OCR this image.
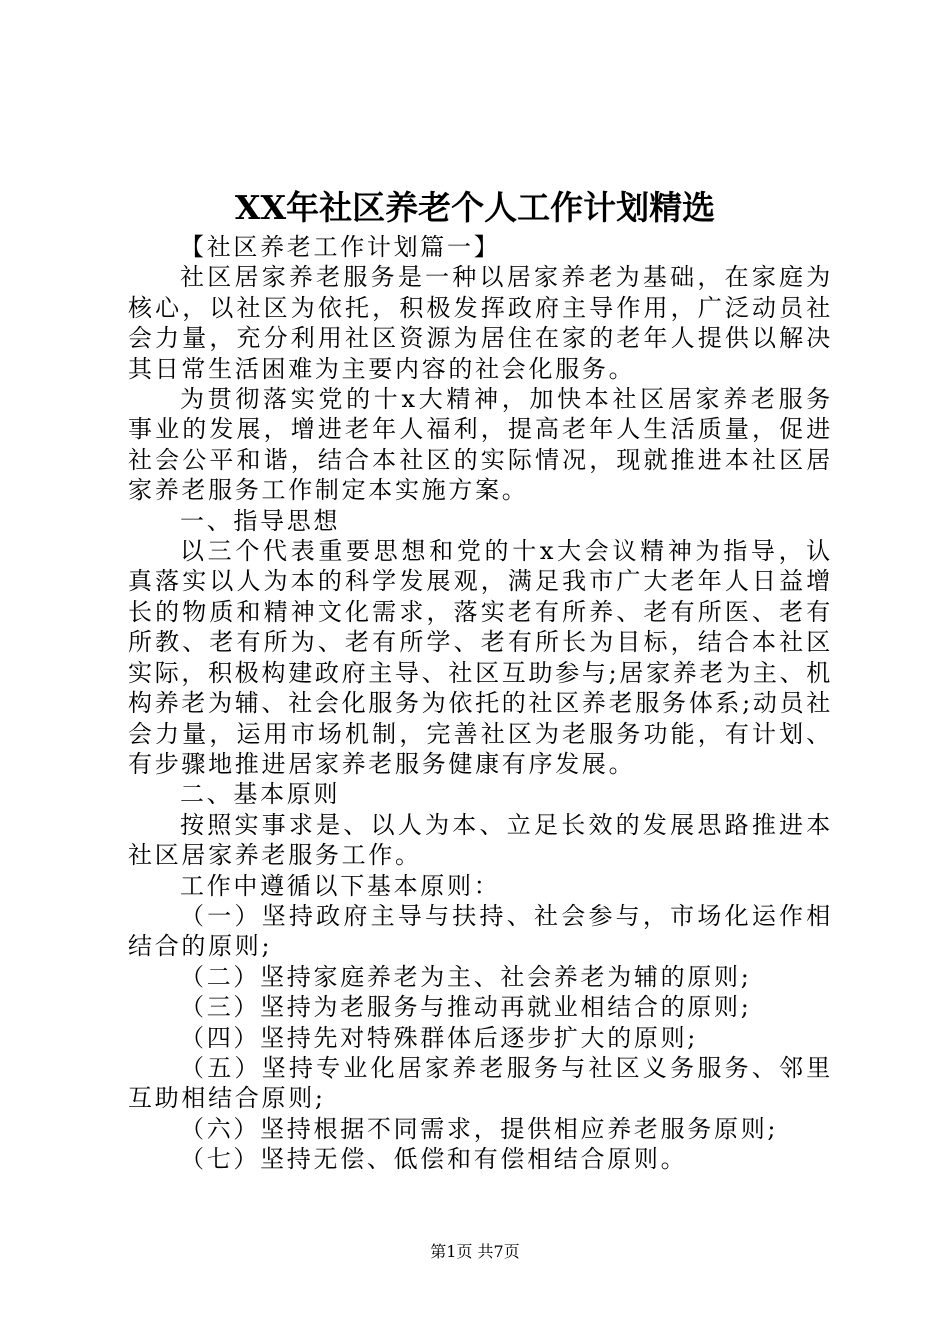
XX年社区养老个人工作计划精选

【社区养老工作计划篇一】

社区居家养老服务是一种以居家养老为基础，在家庭为核心，以社区为依托，积极发挥政府主导作用，广泛动员社会力量，充分利用社区资源为居住在家的老年人提供以解决其日常生活困难为主要内容的社会化服务。

为贯彻落实党的十x大精神，加快本社区居家养老服务事业的发展，增进老年人福利，提高老年人生活质量，促进社会公平和谐，结合本社区的实际情况，现就推进本社区居家养老服务工作制定本实施方案。

一、指导思想

以三个代表重要思想和党的十x大会议精神为指导，认真落实以人为本的科学发展观，满足我市广大老年人日益增长的物质和精神文化需求，落实老有所养、老有所医、老有所教、老有所为、老有所学、老有所长为目标，结合本社区实际，积极构建政府主导、社区互助参与;居家养老为主、机构养老为辅、社会化服务为依托的社区养老服务体系;动员社会力量，运用市场机制，完善社区为老服务功能，有计划、有步骤地推进居家养老服务健康有序发展。

二、基本原则

按照实事求是、以人为本、立足长效的发展思路推进本社区居家养老服务工作。

工作中遵循以下基本原则：

（一）坚持政府主导与扶持、社会参与，市场化运作相结合的原则;

（二）坚持家庭养老为主、社会养老为辅的原则;

（三）坚持为老服务与推动再就业相结合的原则;

（四）坚持先对特殊群体后逐步扩大的原则;

（五）坚持专业化居家养老服务与社区义务服务、邻里互助相结合原则;

（六）坚持根据不同需求，提供相应养老服务原则;

（七）坚持无偿、低偿和有偿相结合原则。

第1页 共7页
